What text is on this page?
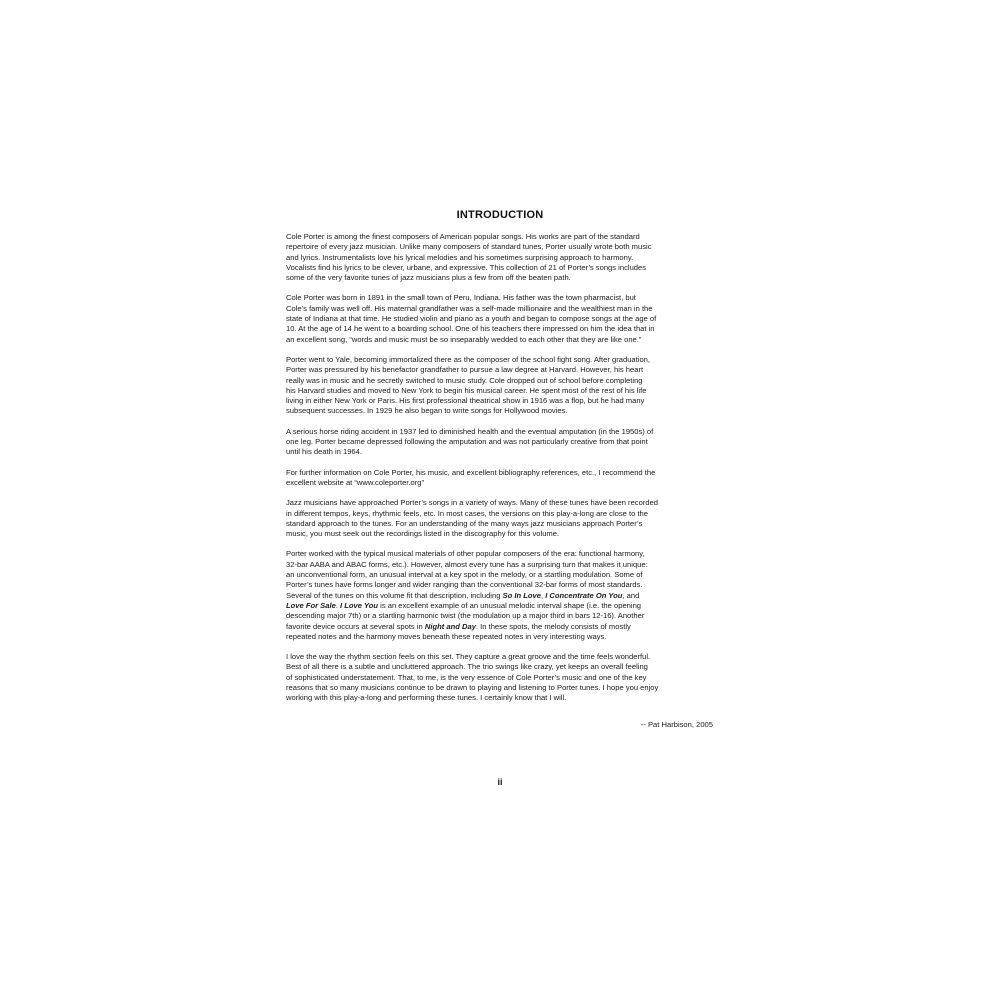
INTRODUCTION
Cole Porter is among the finest composers of American popular songs. His works are part of the standard
repertoire of every jazz musician. Unlike many composers of standard tunes, Porter usually wrote both music
and lyrics. Instrumentalists love his lyrical melodies and his sometimes surprising approach to harmony.
Vocalists find his lyrics to be clever, urbane, and expressive. This collection of 21 of Porter’s songs includes
some of the very favorite tunes of jazz musicians plus a few from off the beaten path.
Cole Porter was born in 1891 in the small town of Peru, Indiana. His father was the town pharmacist, but
Cole’s family was well off. His maternal grandfather was a self-made millionaire and the wealthiest man in the
state of Indiana at that time. He studied violin and piano as a youth and began to compose songs at the age of
10. At the age of 14 he went to a boarding school. One of his teachers there impressed on him the idea that in
an excellent song, “words and music must be so inseparably wedded to each other that they are like one.”
Porter went to Yale, becoming immortalized there as the composer of the school fight song. After graduation,
Porter was pressured by his benefactor grandfather to pursue a law degree at Harvard. However, his heart
really was in music and he secretly switched to music study. Cole dropped out of school before completing
his Harvard studies and moved to New York to begin his musical career. He spent most of the rest of his life
living in either New York or Paris. His first professional theatrical show in 1916 was a flop, but he had many
subsequent successes. In 1929 he also began to write songs for Hollywood movies.
A serious horse riding accident in 1937 led to diminished health and the eventual amputation (in the 1950s) of
one leg. Porter became depressed following the amputation and was not particularly creative from that point
until his death in 1964.
For further information on Cole Porter, his music, and excellent bibliography references, etc., I recommend the
excellent website at “www.coleporter.org”
Jazz musicians have approached Porter’s songs in a variety of ways. Many of these tunes have been recorded
in different tempos, keys, rhythmic feels, etc. In most cases, the versions on this play-a-long are close to the
standard approach to the tunes. For an understanding of the many ways jazz musicians approach Porter’s
music, you must seek out the recordings listed in the discography for this volume.
Porter worked with the typical musical materials of other popular composers of the era: functional harmony,
32-bar AABA and ABAC forms, etc.). However, almost every tune has a surprising turn that makes it unique:
an unconventional form, an unusual interval at a key spot in the melody, or a startling modulation. Some of
Porter’s tunes have forms longer and wider ranging than the conventional 32-bar forms of most standards.
Several of the tunes on this volume fit that description, including So In Love, I Concentrate On You, and
Love For Sale. I Love You is an excellent example of an unusual melodic interval shape (i.e. the opening
descending major 7th) or a startling harmonic twist (the modulation up a major third in bars 12-16). Another
favorite device occurs at several spots in Night and Day. In these spots, the melody consists of mostly
repeated notes and the harmony moves beneath these repeated notes in very interesting ways.
I love the way the rhythm section feels on this set. They capture a great groove and the time feels wonderful.
Best of all there is a subtle and uncluttered approach. The trio swings like crazy, yet keeps an overall feeling
of sophisticated understatement. That, to me, is the very essence of Cole Porter’s music and one of the key
reasons that so many musicians continue to be drawn to playing and listening to Porter tunes. I hope you enjoy
working with this play-a-long and performing these tunes. I certainly know that I will.
-- Pat Harbison, 2005
ii
